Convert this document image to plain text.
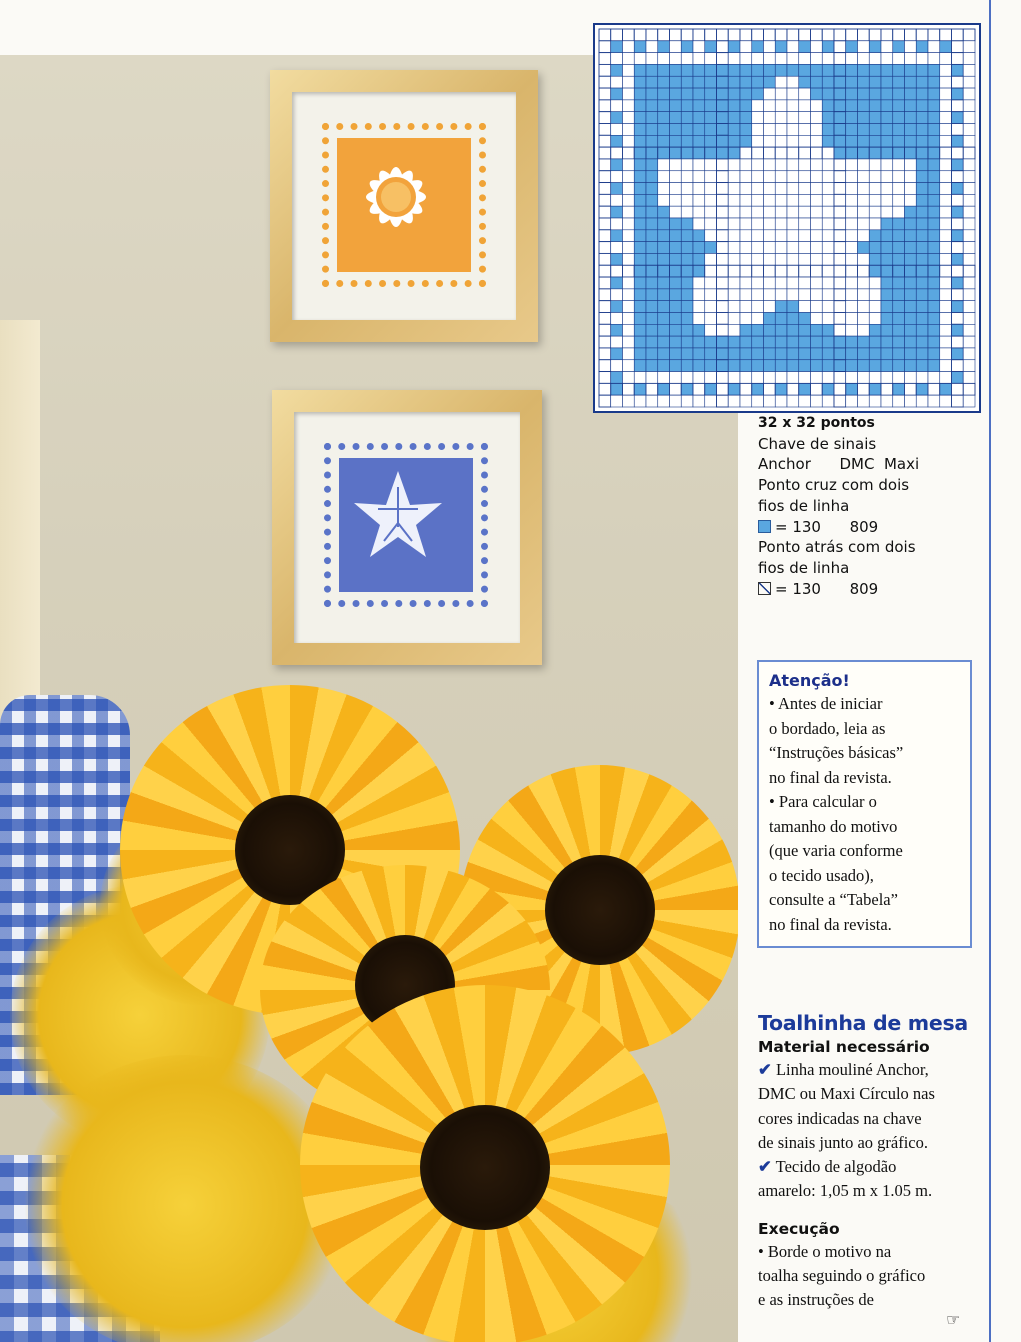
32 x 32 pontos
Chave de sinais
Anchor      DMC  Maxi
Ponto cruz com dois
fios de linha
= 130      809
Ponto atrás com dois
fios de linha
= 130      809
Atenção!

• Antes de iniciar

o bordado, leia as

“Instruções básicas”

no final da revista.

• Para calcular o

tamanho do motivo

(que varia conforme

o tecido usado),

consulte a “Tabela”

no final da revista.

Toalhinha de mesa
Material necessário

✔ Linha mouliné Anchor,

DMC ou Maxi Círculo nas

cores indicadas na chave

de sinais junto ao gráfico.

✔ Tecido de algodão

amarelo: 1,05 m x 1.05 m.

Execução

• Borde o motivo na

toalha seguindo o gráfico

e as instruções de

☞
